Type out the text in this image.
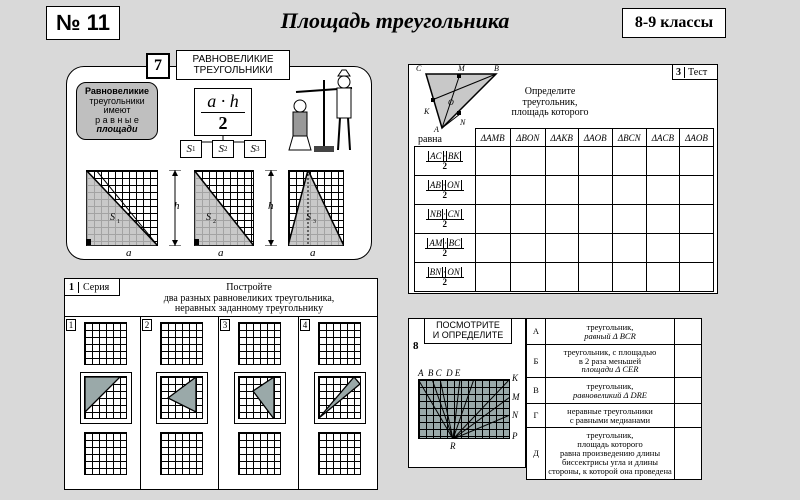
№ 11	Площадь треугольника	8-9 классы
7	РАВНОВЕЛИКИЕ
ТРЕУГОЛЬНИКИ
Равновеликие
треугольники
имеют
р а в н ы е
площади
a · h
2
S 1 S 2 S 3
S 1
h
a
S 2
h
a
S 3
a
C	M	B
K
O
A
N
Определите
треугольник,
площадь которого
3 Тест
равна
		ΔAMB	ΔBON	ΔAKB	ΔAOB	ΔBCN	ΔACB	ΔAOB

$\frac{AC \cdot BK}{2}$

$\frac{AB \cdot ON}{2}$

$\frac{NB \cdot CN}{2}$

$\frac{AM \cdot BC}{2}$

$\frac{BN \cdot ON}{2}$

1 Серия	Постройте
два разных равновеликих треугольника,
неравных заданному треугольнику
1	2	3	4	ПОСМОТРИТЕ
И ОПРЕДЕЛИТЕ
8
A  B C  D E	K
M
N
P
R
А	треугольник,
равный Δ BCR	
Б	треугольник, с площадью
в 2 раза меньшей
площади Δ CER	
В	треугольник,
равновеликий Δ DRE	
Г	неравные треугольники
с равными медианами	
Д	треугольник,
площадь которого
равна произведению длины биссектрисы угла и длины стороны, к которой она проведена	
